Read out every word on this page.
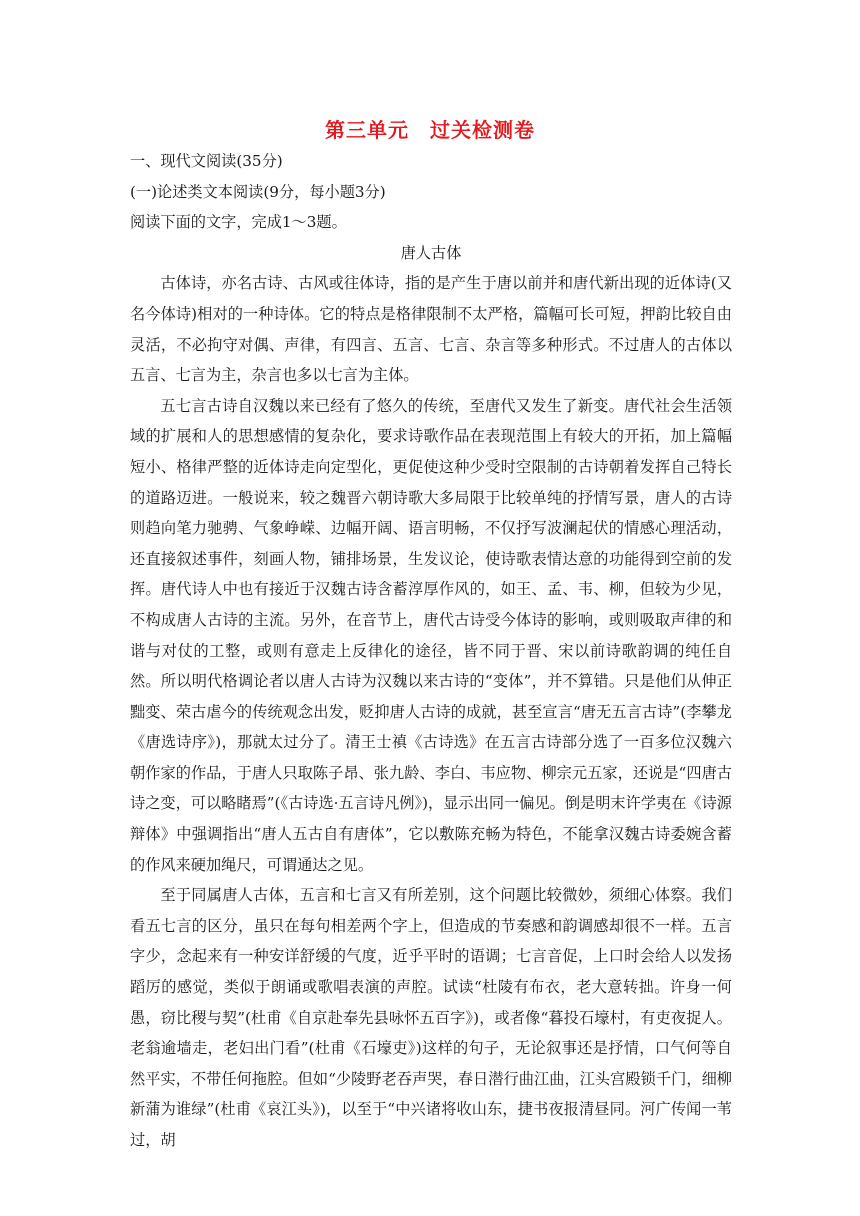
第三单元　过关检测卷

一、现代文阅读(35分)

(一)论述类文本阅读(9分，每小题3分)

阅读下面的文字，完成1～3题。

唐人古体

古体诗，亦名古诗、古风或往体诗，指的是产生于唐以前并和唐代新出现的近体诗(又名今体诗)相对的一种诗体。它的特点是格律限制不太严格，篇幅可长可短，押韵比较自由灵活，不必拘守对偶、声律，有四言、五言、七言、杂言等多种形式。不过唐人的古体以五言、七言为主，杂言也多以七言为主体。

五七言古诗自汉魏以来已经有了悠久的传统，至唐代又发生了新变。唐代社会生活领域的扩展和人的思想感情的复杂化，要求诗歌作品在表现范围上有较大的开拓，加上篇幅短小、格律严整的近体诗走向定型化，更促使这种少受时空限制的古诗朝着发挥自己特长的道路迈进。一般说来，较之魏晋六朝诗歌大多局限于比较单纯的抒情写景，唐人的古诗则趋向笔力驰骋、气象峥嵘、边幅开阔、语言明畅，不仅抒写波澜起伏的情感心理活动，还直接叙述事件，刻画人物，铺排场景，生发议论，使诗歌表情达意的功能得到空前的发挥。唐代诗人中也有接近于汉魏古诗含蓄淳厚作风的，如王、孟、韦、柳，但较为少见，不构成唐人古诗的主流。另外，在音节上，唐代古诗受今体诗的影响，或则吸取声律的和谐与对仗的工整，或则有意走上反律化的途径，皆不同于晋、宋以前诗歌韵调的纯任自然。所以明代格调论者以唐人古诗为汉魏以来古诗的“变体”，并不算错。只是他们从伸正黜变、荣古虐今的传统观念出发，贬抑唐人古诗的成就，甚至宣言“唐无五言古诗”(李攀龙《唐选诗序》)，那就太过分了。清王士禛《古诗选》在五言古诗部分选了一百多位汉魏六朝作家的作品，于唐人只取陈子昂、张九龄、李白、韦应物、柳宗元五家，还说是“四唐古诗之变，可以略睹焉”(《古诗选·五言诗凡例》)，显示出同一偏见。倒是明末许学夷在《诗源辩体》中强调指出“唐人五古自有唐体”，它以敷陈充畅为特色，不能拿汉魏古诗委婉含蓄的作风来硬加绳尺，可谓通达之见。

至于同属唐人古体，五言和七言又有所差别，这个问题比较微妙，须细心体察。我们看五七言的区分，虽只在每句相差两个字上，但造成的节奏感和韵调感却很不一样。五言字少，念起来有一种安详舒缓的气度，近乎平时的语调；七言音促，上口时会给人以发扬蹈厉的感觉，类似于朗诵或歌唱表演的声腔。试读“杜陵有布衣，老大意转拙。许身一何愚，窃比稷与契”(杜甫《自京赴奉先县咏怀五百字》)，或者像“暮投石壕村，有吏夜捉人。老翁逾墙走，老妇出门看”(杜甫《石壕吏》)这样的句子，无论叙事还是抒情，口气何等自然平实，不带任何拖腔。但如“少陵野老吞声哭，春日潜行曲江曲，江头宫殿锁千门，细柳新蒲为谁绿”(杜甫《哀江头》)，以至于“中兴诸将收山东，捷书夜报清昼同。河广传闻一苇过，胡
